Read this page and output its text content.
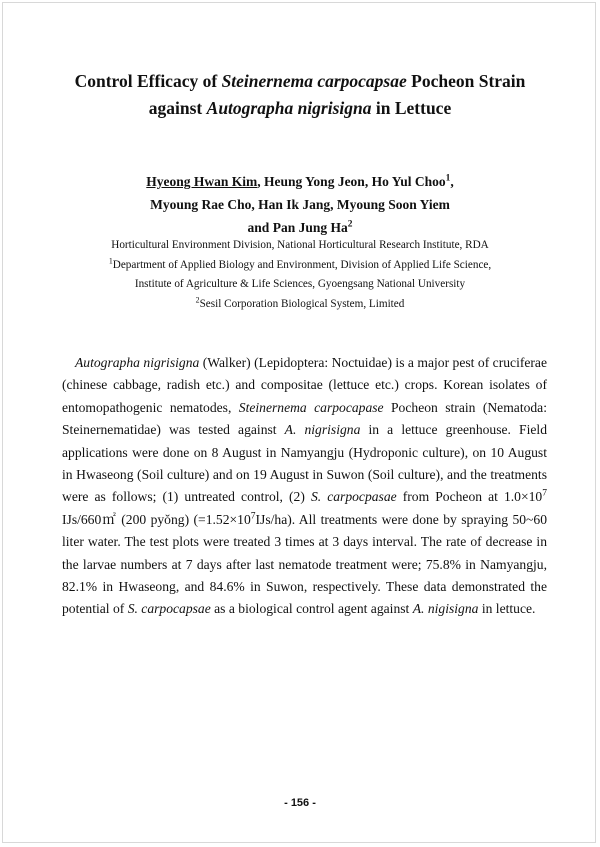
Control Efficacy of Steinernema carpocapsae Pocheon Strain
against Autographa nigrisigna in Lettuce
Hyeong Hwan Kim, Heung Yong Jeon, Ho Yul Choo$^1$,
Myoung Rae Cho, Han Ik Jang, Myoung Soon Yiem
and Pan Jung Ha$^2$
Horticultural Environment Division, National Horticultural Research Institute, RDA
$^1$Department of Applied Biology and Environment, Division of Applied Life Science,
Institute of Agriculture & Life Sciences, Gyoengsang National University
$^2$Sesil Corporation Biological System, Limited

Autographa nigrisigna (Walker) (Lepidoptera: Noctuidae) is a major pest of cruciferae (chinese cabbage, radish etc.) and compositae (lettuce etc.) crops. Korean isolates of entomopathogenic nematodes, Steinernema carpocapase Pocheon strain (Nematoda: Steinernematidae) was tested against A. nigrisigna in a lettuce greenhouse. Field applications were done on 8 August in Namyangju (Hydroponic culture), on 10 August in Hwaseong (Soil culture) and on 19 August in Suwon (Soil culture), and the treatments were as follows; (1) untreated control, (2) S. carpocpasae from Pocheon at $1.0\times 10^7$ IJs/660㎡ (200 pyŏng) $(=1.52\times 10^7IJs/ha)$. All treatments were done by spraying 50~60 liter water. The test plots were treated 3 times at 3 days interval. The rate of decrease in the larvae numbers at 7 days after last nematode treatment were; 75.8% in Namyangju, 82.1% in Hwaseong, and 84.6% in Suwon, respectively. These data demonstrated the potential of S. carpocapsae as a biological control agent against A. nigisigna in lettuce.

- 156 -
